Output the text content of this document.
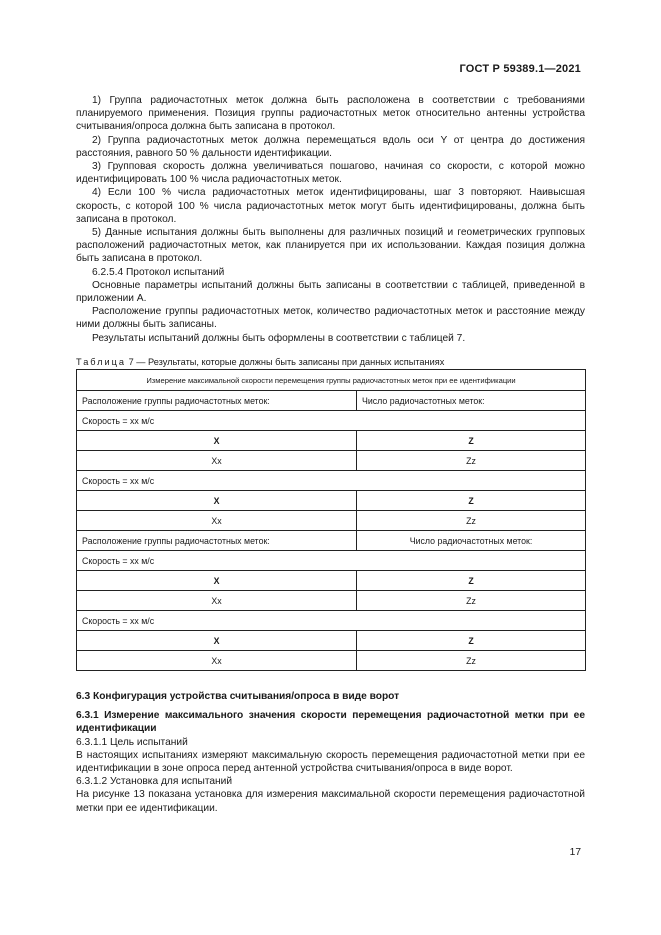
ГОСТ Р 59389.1—2021

1) Группа радиочастотных меток должна быть расположена в соответствии с требованиями планируемого применения. Позиция группы радиочастотных меток относительно антенны устройства считывания/опроса должна быть записана в протокол.

2) Группа радиочастотных меток должна перемещаться вдоль оси Y от центра до достижения расстояния, равного 50 % дальности идентификации.

3) Групповая скорость должна увеличиваться пошагово, начиная со скорости, с которой можно идентифицировать 100 % числа радиочастотных меток.

4) Если 100 % числа радиочастотных меток идентифицированы, шаг 3 повторяют. Наивысшая скорость, с которой 100 % числа радиочастотных меток могут быть идентифицированы, должна быть записана в протокол.

5) Данные испытания должны быть выполнены для различных позиций и геометрических групповых расположений радиочастотных меток, как планируется при их использовании. Каждая позиция должна быть записана в протокол.

6.2.5.4 Протокол испытаний

Основные параметры испытаний должны быть записаны в соответствии с таблицей, приведенной в приложении А.

Расположение группы радиочастотных меток, количество радиочастотных меток и расстояние между ними должны быть записаны.

Результаты испытаний должны быть оформлены в соответствии с таблицей 7.

Таблица 7 — Результаты, которые должны быть записаны при данных испытаниях
Измерение максимальной скорости перемещения группы радиочастотных меток при ее идентификации	
Расположение группы радиочастотных меток:	Число радиочастотных меток:
Скорость = хх м/с	
X	Z
Xx	Zz
Скорость = хх м/с	
X	Z
Xx	Zz
Расположение группы радиочастотных меток:	Число радиочастотных меток:
Скорость = хх м/с	
X	Z
Xx	Zz
Скорость = хх м/с	
X	Z
Xx	Zz

6.3 Конфигурация устройства считывания/опроса в виде ворот

6.3.1 Измерение максимального значения скорости перемещения радиочастотной метки при ее идентификации

6.3.1.1 Цель испытаний

В настоящих испытаниях измеряют максимальную скорость перемещения радиочастотной метки при ее идентификации в зоне опроса перед антенной устройства считывания/опроса в виде ворот.

6.3.1.2 Установка для испытаний

На рисунке 13 показана установка для измерения максимальной скорости перемещения радиочастотной метки при ее идентификации.

17
